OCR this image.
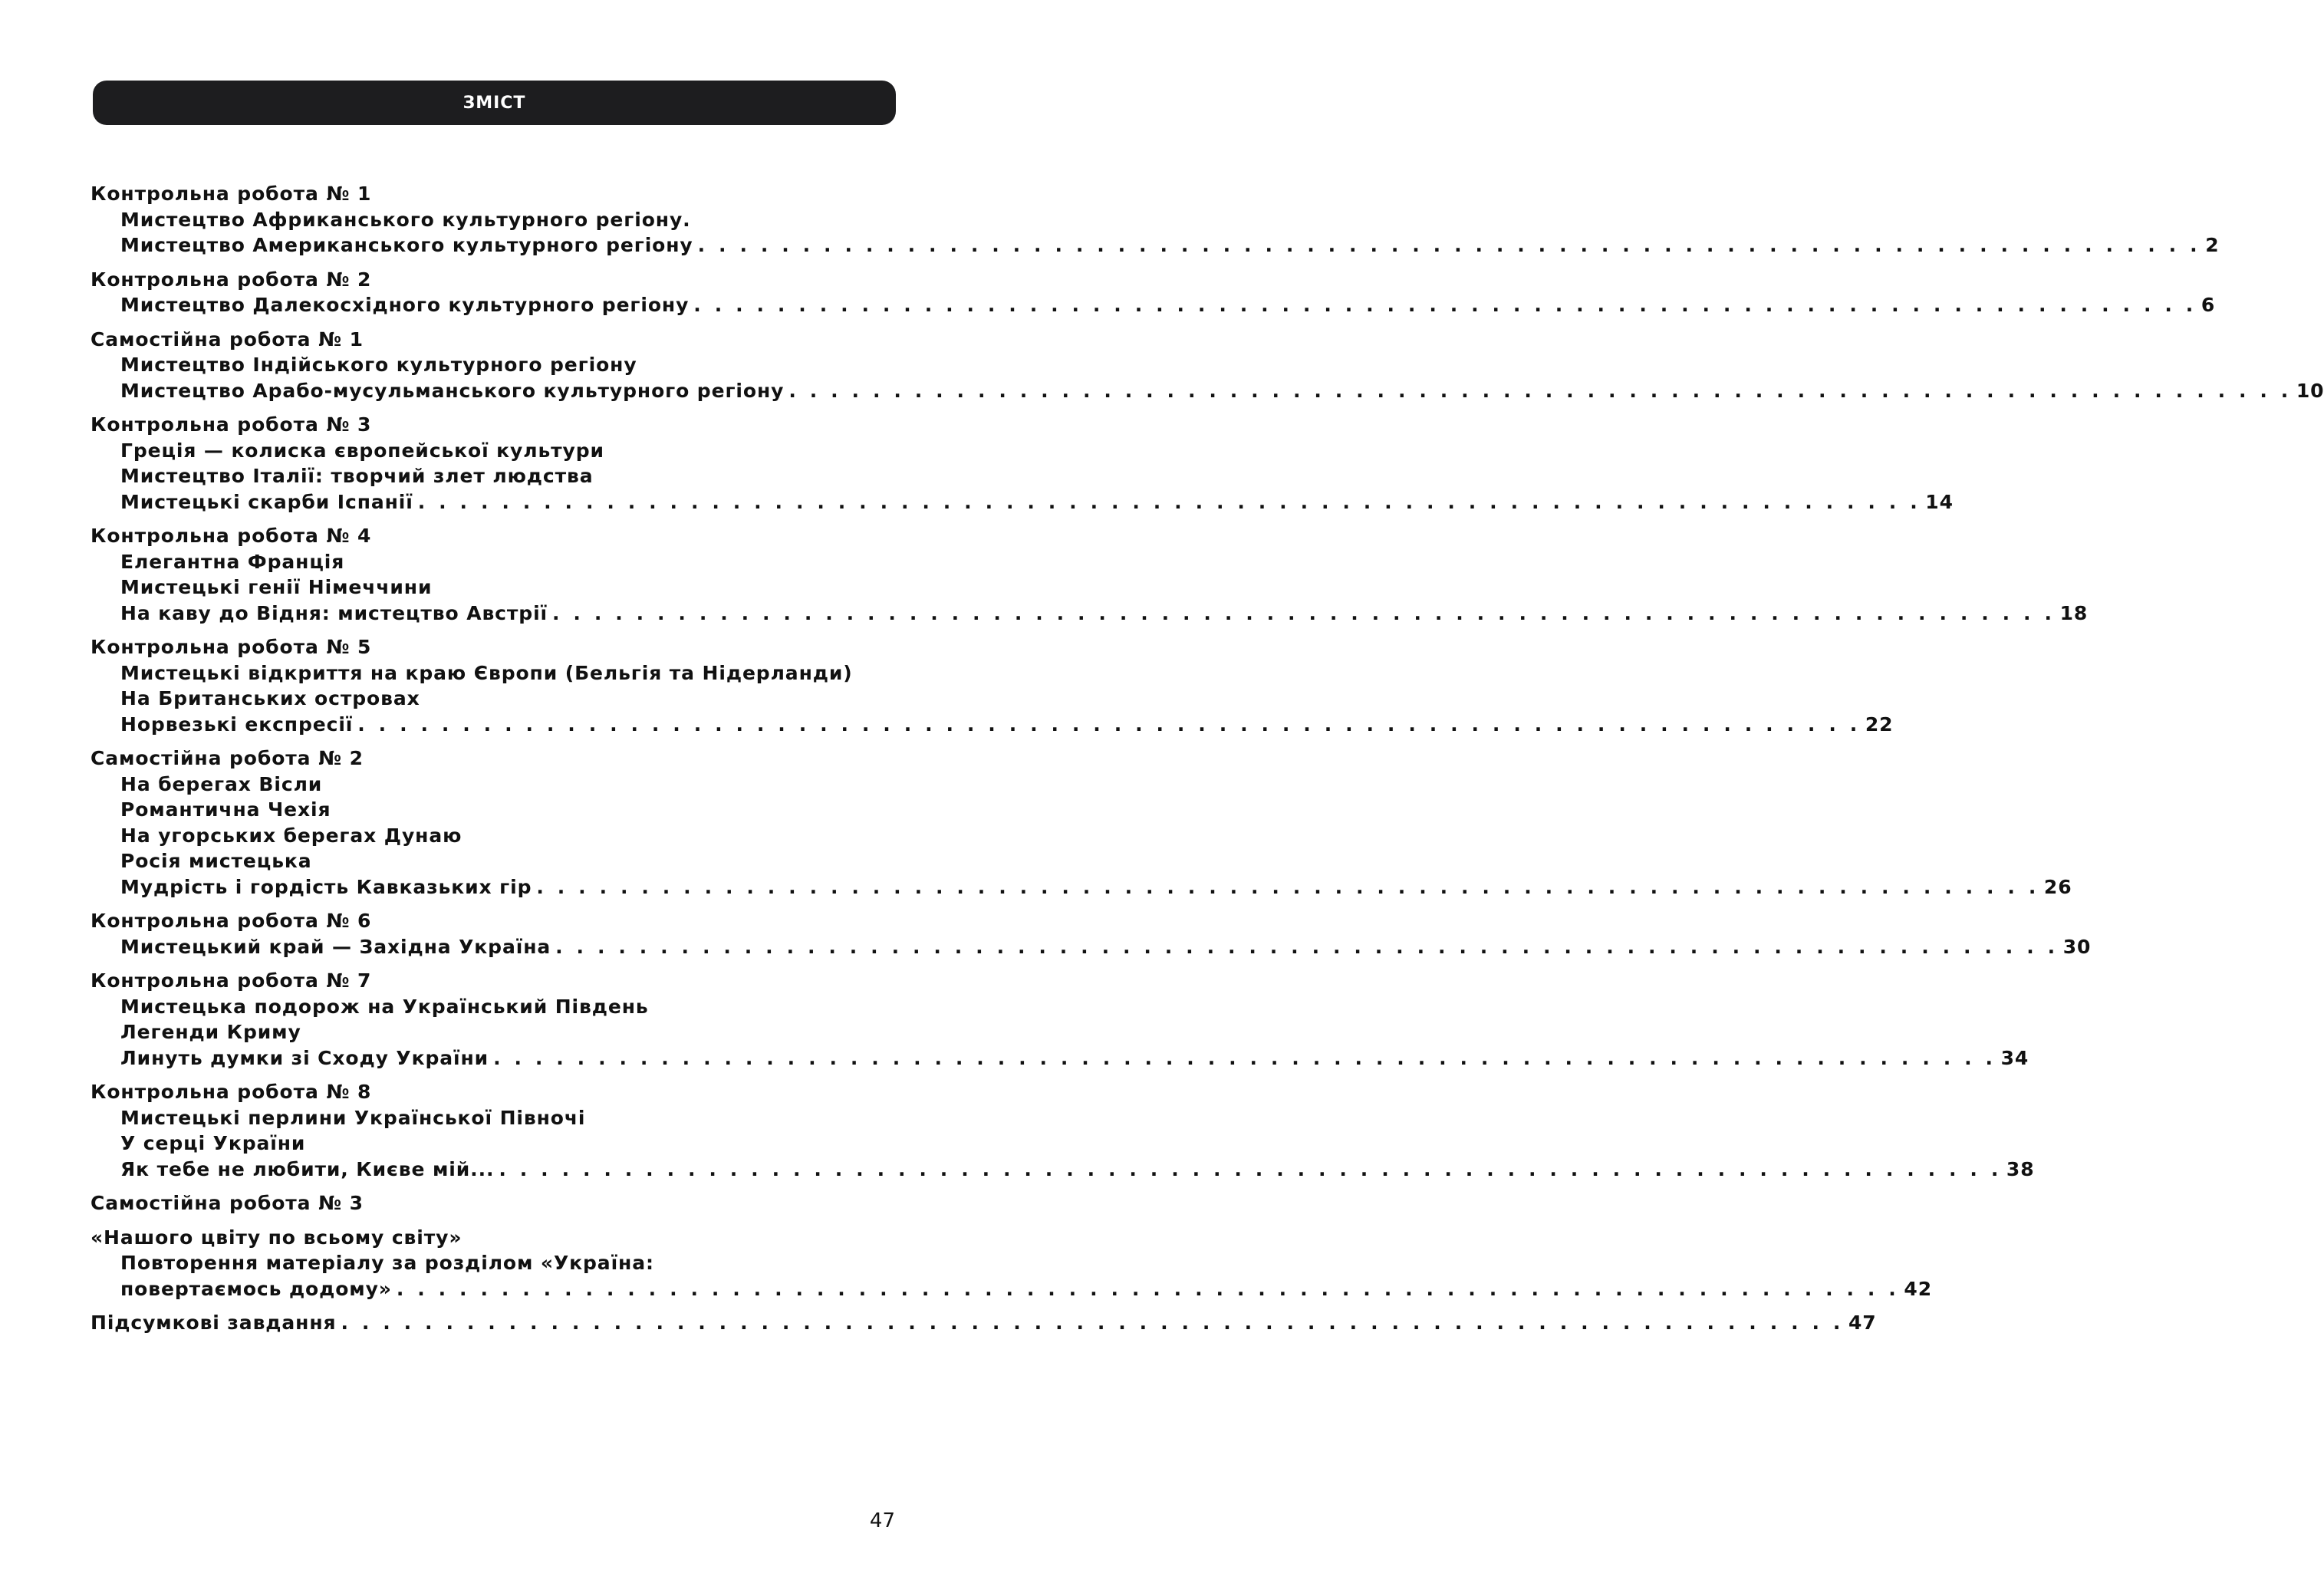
ЗМІСТ
Контрольна робота № 1
Мистецтво Африканського культурного регіону.
Мистецтво Американського культурного регіону . . . . . . . . . . . . . . . . . . . . . . . . . . . . . . . . . . . . . . . . . . . . . . . . . . . . . . . . . . . . . . . . . . . . . . . . 2
Контрольна робота № 2
Мистецтво Далекосхідного культурного регіону . . . . . . . . . . . . . . . . . . . . . . . . . . . . . . . . . . . . . . . . . . . . . . . . . . . . . . . . . . . . . . . . . . . . . . . . 6
Самостійна робота № 1
Мистецтво Індійського культурного регіону
Мистецтво Арабо-мусульманського культурного регіону . . . . . . . . . . . . . . . . . . . . . . . . . . . . . . . . . . . . . . . . . . . . . . . . . . . . . . . . . . . . . . . . . . . . . . . . 10
Контрольна робота № 3
Греція — колиска європейської культури
Мистецтво Італії: творчий злет людства
Мистецькі скарби Іспанії . . . . . . . . . . . . . . . . . . . . . . . . . . . . . . . . . . . . . . . . . . . . . . . . . . . . . . . . . . . . . . . . . . . . . . . . 14
Контрольна робота № 4
Елегантна Франція
Мистецькі генії Німеччини
На каву до Відня: мистецтво Австрії . . . . . . . . . . . . . . . . . . . . . . . . . . . . . . . . . . . . . . . . . . . . . . . . . . . . . . . . . . . . . . . . . . . . . . . . 18
Контрольна робота № 5
Мистецькі відкриття на краю Європи (Бельгія та Нідерланди)
На Британських островах
Норвезькі експресії . . . . . . . . . . . . . . . . . . . . . . . . . . . . . . . . . . . . . . . . . . . . . . . . . . . . . . . . . . . . . . . . . . . . . . . . 22
Самостійна робота № 2
На берегах Вісли
Романтична Чехія
На угорських берегах Дунаю
Росія мистецька
Мудрість і гордість Кавказьких гір . . . . . . . . . . . . . . . . . . . . . . . . . . . . . . . . . . . . . . . . . . . . . . . . . . . . . . . . . . . . . . . . . . . . . . . . 26
Контрольна робота № 6
Мистецький край — Західна Україна . . . . . . . . . . . . . . . . . . . . . . . . . . . . . . . . . . . . . . . . . . . . . . . . . . . . . . . . . . . . . . . . . . . . . . . . 30
Контрольна робота № 7
Мистецька подорож на Український Південь
Легенди Криму
Линуть думки зі Сходу України . . . . . . . . . . . . . . . . . . . . . . . . . . . . . . . . . . . . . . . . . . . . . . . . . . . . . . . . . . . . . . . . . . . . . . . . 34
Контрольна робота № 8
Мистецькі перлини Української Півночі
У серці України
Як тебе не любити, Києве мій... . . . . . . . . . . . . . . . . . . . . . . . . . . . . . . . . . . . . . . . . . . . . . . . . . . . . . . . . . . . . . . . . . . . . . . . . 38
Самостійна робота № 3
«Нашого цвіту по всьому світу»
Повторення матеріалу за розділом «Україна:
повертаємось додому» . . . . . . . . . . . . . . . . . . . . . . . . . . . . . . . . . . . . . . . . . . . . . . . . . . . . . . . . . . . . . . . . . . . . . . . . 42
Підсумкові завдання . . . . . . . . . . . . . . . . . . . . . . . . . . . . . . . . . . . . . . . . . . . . . . . . . . . . . . . . . . . . . . . . . . . . . . . . 47
47
